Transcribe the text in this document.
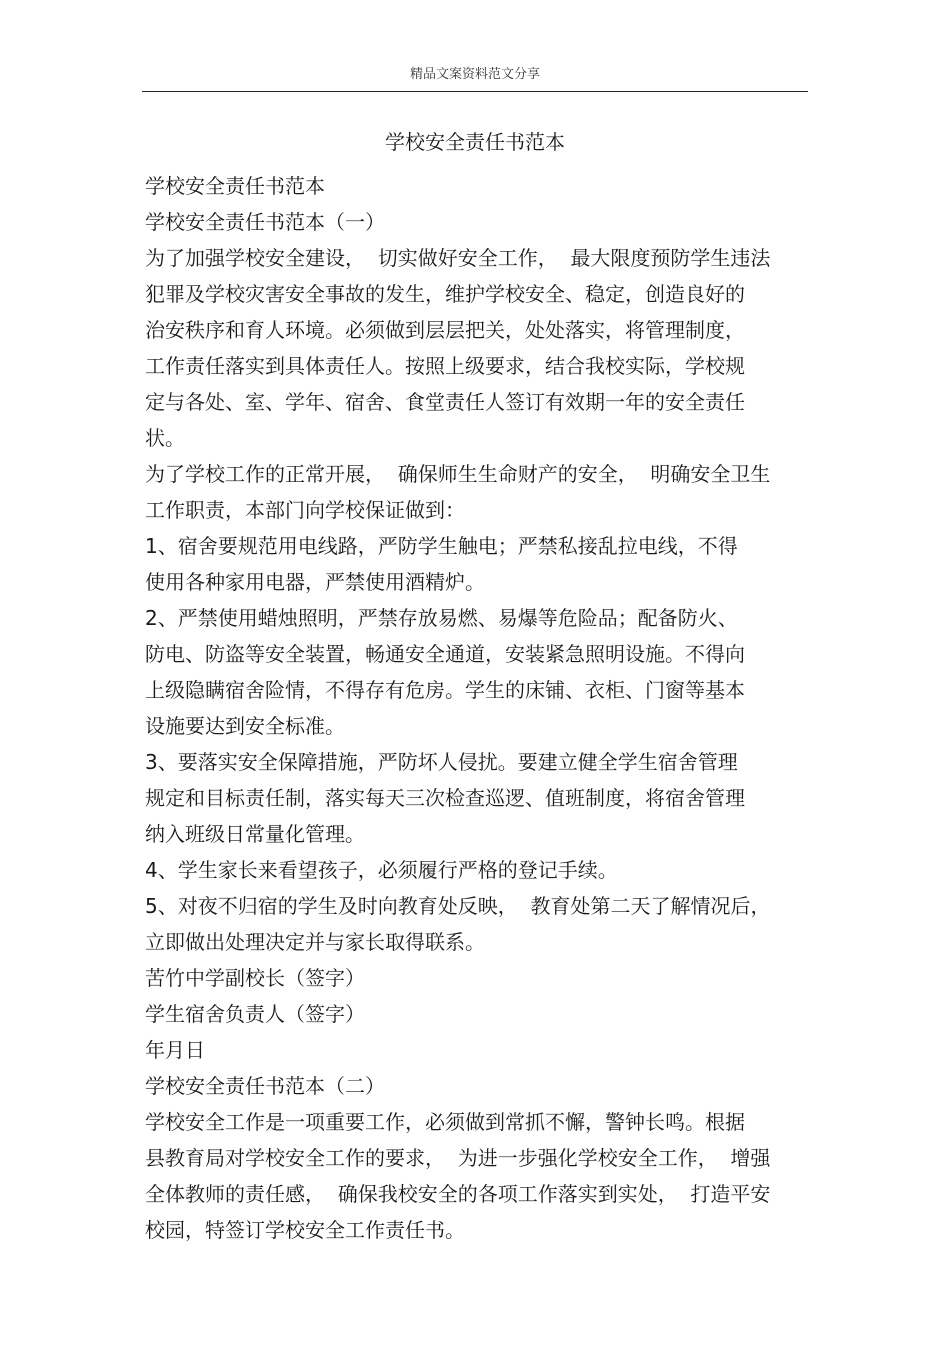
精品文案资料范文分享
学校安全责任书范本
学校安全责任书范本
学校安全责任书范本（一）
为了加强学校安全建设，  切实做好安全工作，  最大限度预防学生违法
犯罪及学校灾害安全事故的发生，维护学校安全、稳定，创造良好的
治安秩序和育人环境。必须做到层层把关，处处落实，将管理制度，
工作责任落实到具体责任人。按照上级要求，结合我校实际，学校规
定与各处、室、学年、宿舍、食堂责任人签订有效期一年的安全责任
状。
为了学校工作的正常开展，  确保师生生命财产的安全，  明确安全卫生
工作职责，本部门向学校保证做到：
1、宿舍要规范用电线路，严防学生触电；严禁私接乱拉电线，不得
使用各种家用电器，严禁使用酒精炉。
2、严禁使用蜡烛照明，严禁存放易燃、易爆等危险品；配备防火、
防电、防盗等安全装置，畅通安全通道，安装紧急照明设施。不得向
上级隐瞒宿舍险情，不得存有危房。学生的床铺、衣柜、门窗等基本
设施要达到安全标准。
3、要落实安全保障措施，严防坏人侵扰。要建立健全学生宿舍管理
规定和目标责任制，落实每天三次检查巡逻、值班制度，将宿舍管理
纳入班级日常量化管理。
4、学生家长来看望孩子，必须履行严格的登记手续。
5、对夜不归宿的学生及时向教育处反映，  教育处第二天了解情况后，
立即做出处理决定并与家长取得联系。
苦竹中学副校长（签字）
学生宿舍负责人（签字）
年月日
学校安全责任书范本（二）
学校安全工作是一项重要工作，必须做到常抓不懈，警钟长鸣。根据
县教育局对学校安全工作的要求，  为进一步强化学校安全工作，  增强
全体教师的责任感，  确保我校安全的各项工作落实到实处，  打造平安
校园，特签订学校安全工作责任书。
